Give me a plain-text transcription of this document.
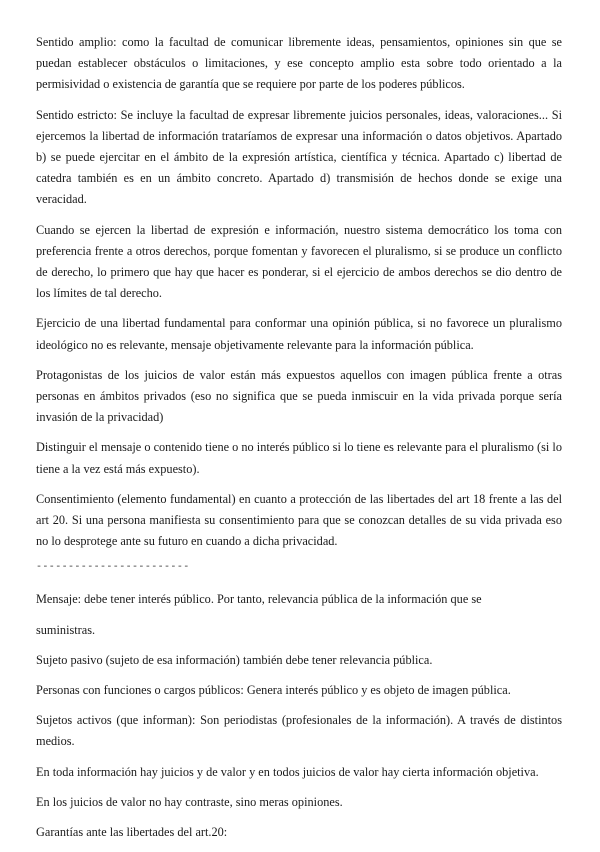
Sentido amplio: como la facultad de comunicar libremente ideas, pensamientos, opiniones sin que se puedan establecer obstáculos o limitaciones, y ese concepto amplio esta sobre todo orientado a la permisividad o existencia de garantía que se requiere por parte de los poderes públicos.

Sentido estricto: Se incluye la facultad de expresar libremente juicios personales, ideas, valoraciones... Si ejercemos la libertad de información trataríamos de expresar una información o datos objetivos. Apartado b) se puede ejercitar en el ámbito de la expresión artística, científica y técnica. Apartado c) libertad de catedra también es en un ámbito concreto. Apartado d) transmisión de hechos donde se exige una veracidad.

Cuando se ejercen la libertad de expresión e información, nuestro sistema democrático los toma con preferencia frente a otros derechos, porque fomentan y favorecen el pluralismo, si se produce un conflicto de derecho, lo primero que hay que hacer es ponderar, si el ejercicio de ambos derechos se dio dentro de los límites de tal derecho.

Ejercicio de una libertad fundamental para conformar una opinión pública, si no favorece un pluralismo ideológico no es relevante, mensaje objetivamente relevante para la información pública.

Protagonistas de los juicios de valor están más expuestos aquellos con imagen pública frente a otras personas en ámbitos privados (eso no significa que se pueda inmiscuir en la vida privada porque sería invasión de la privacidad)

Distinguir el mensaje o contenido tiene o no interés público si lo tiene es relevante para el pluralismo (si lo tiene a la vez está más expuesto).

Consentimiento (elemento fundamental) en cuanto a protección de las libertades del art 18 frente a las del art 20. Si una persona manifiesta su consentimiento para que se conozcan detalles de su vida privada eso no lo desprotege ante su futuro en cuando a dicha privacidad.

------------------------

Mensaje: debe tener interés público. Por tanto, relevancia pública de la información que se

suministras.

Sujeto pasivo (sujeto de esa información) también debe tener relevancia pública.

Personas con funciones o cargos públicos: Genera interés público y es objeto de imagen pública.

Sujetos activos (que informan): Son periodistas (profesionales de la información). A través de distintos medios.

En toda información hay juicios y de valor y en todos juicios de valor hay cierta información objetiva.

En los juicios de valor no hay contraste, sino meras opiniones.

Garantías ante las libertades del art.20:
